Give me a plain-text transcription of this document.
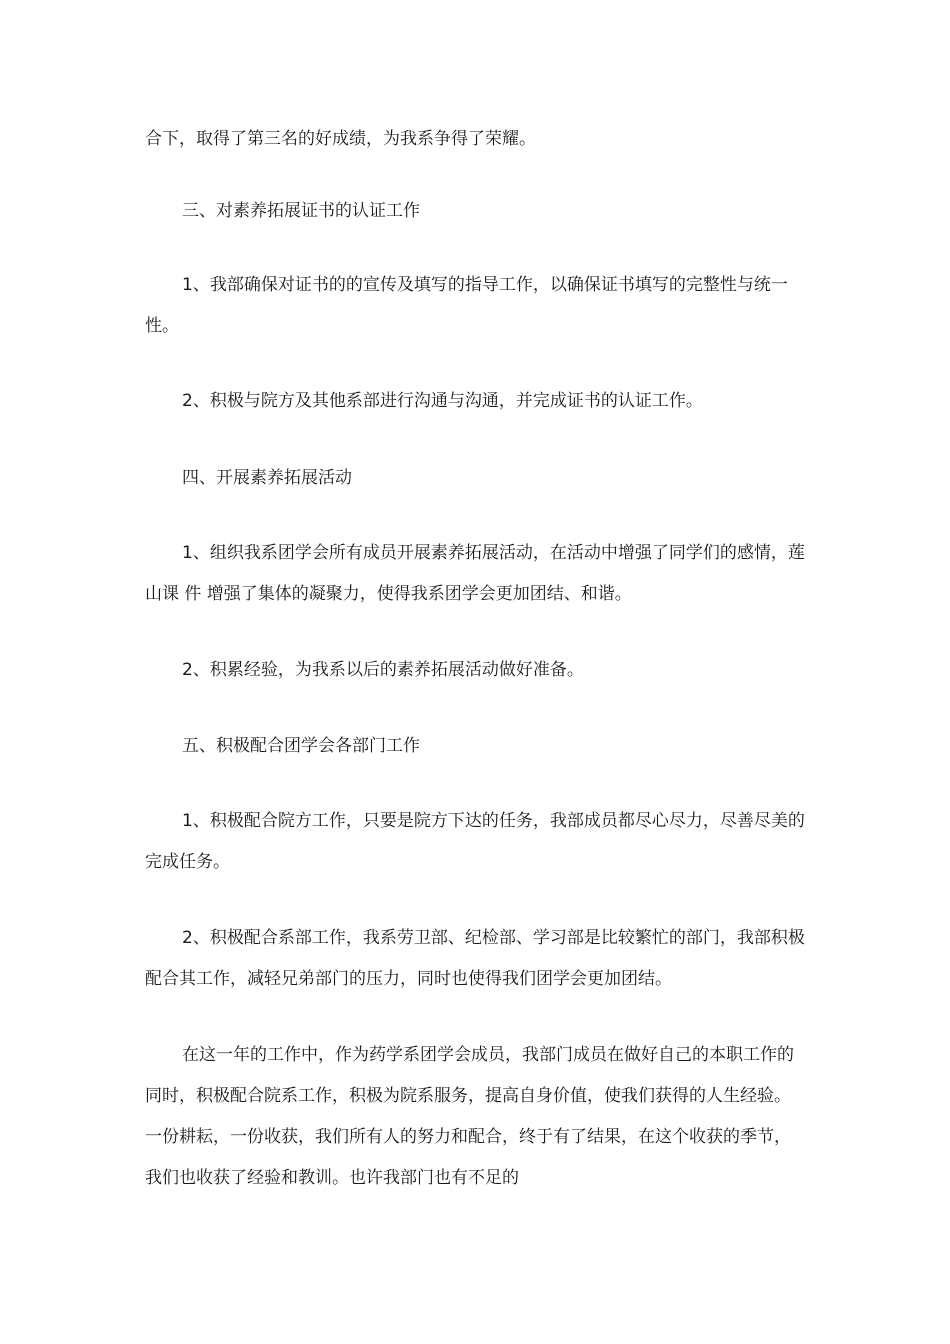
合下，取得了第三名的好成绩，为我系争得了荣耀。

三、对素养拓展证书的认证工作

1、我部确保对证书的的宣传及填写的指导工作，以确保证书填写的完整性与统一性。

2、积极与院方及其他系部进行沟通与沟通，并完成证书的认证工作。

四、开展素养拓展活动

1、组织我系团学会所有成员开展素养拓展活动，在活动中增强了同学们的感情，莲山课 件 增强了集体的凝聚力，使得我系团学会更加团结、和谐。

2、积累经验，为我系以后的素养拓展活动做好准备。

五、积极配合团学会各部门工作

1、积极配合院方工作，只要是院方下达的任务，我部成员都尽心尽力，尽善尽美的完成任务。

2、积极配合系部工作，我系劳卫部、纪检部、学习部是比较繁忙的部门，我部积极配合其工作，减轻兄弟部门的压力，同时也使得我们团学会更加团结。

在这一年的工作中，作为药学系团学会成员，我部门成员在做好自己的本职工作的同时，积极配合院系工作，积极为院系服务，提高自身价值，使我们获得的人生经验。一份耕耘，一份收获，我们所有人的努力和配合，终于有了结果，在这个收获的季节，我们也收获了经验和教训。也许我部门也有不足的
